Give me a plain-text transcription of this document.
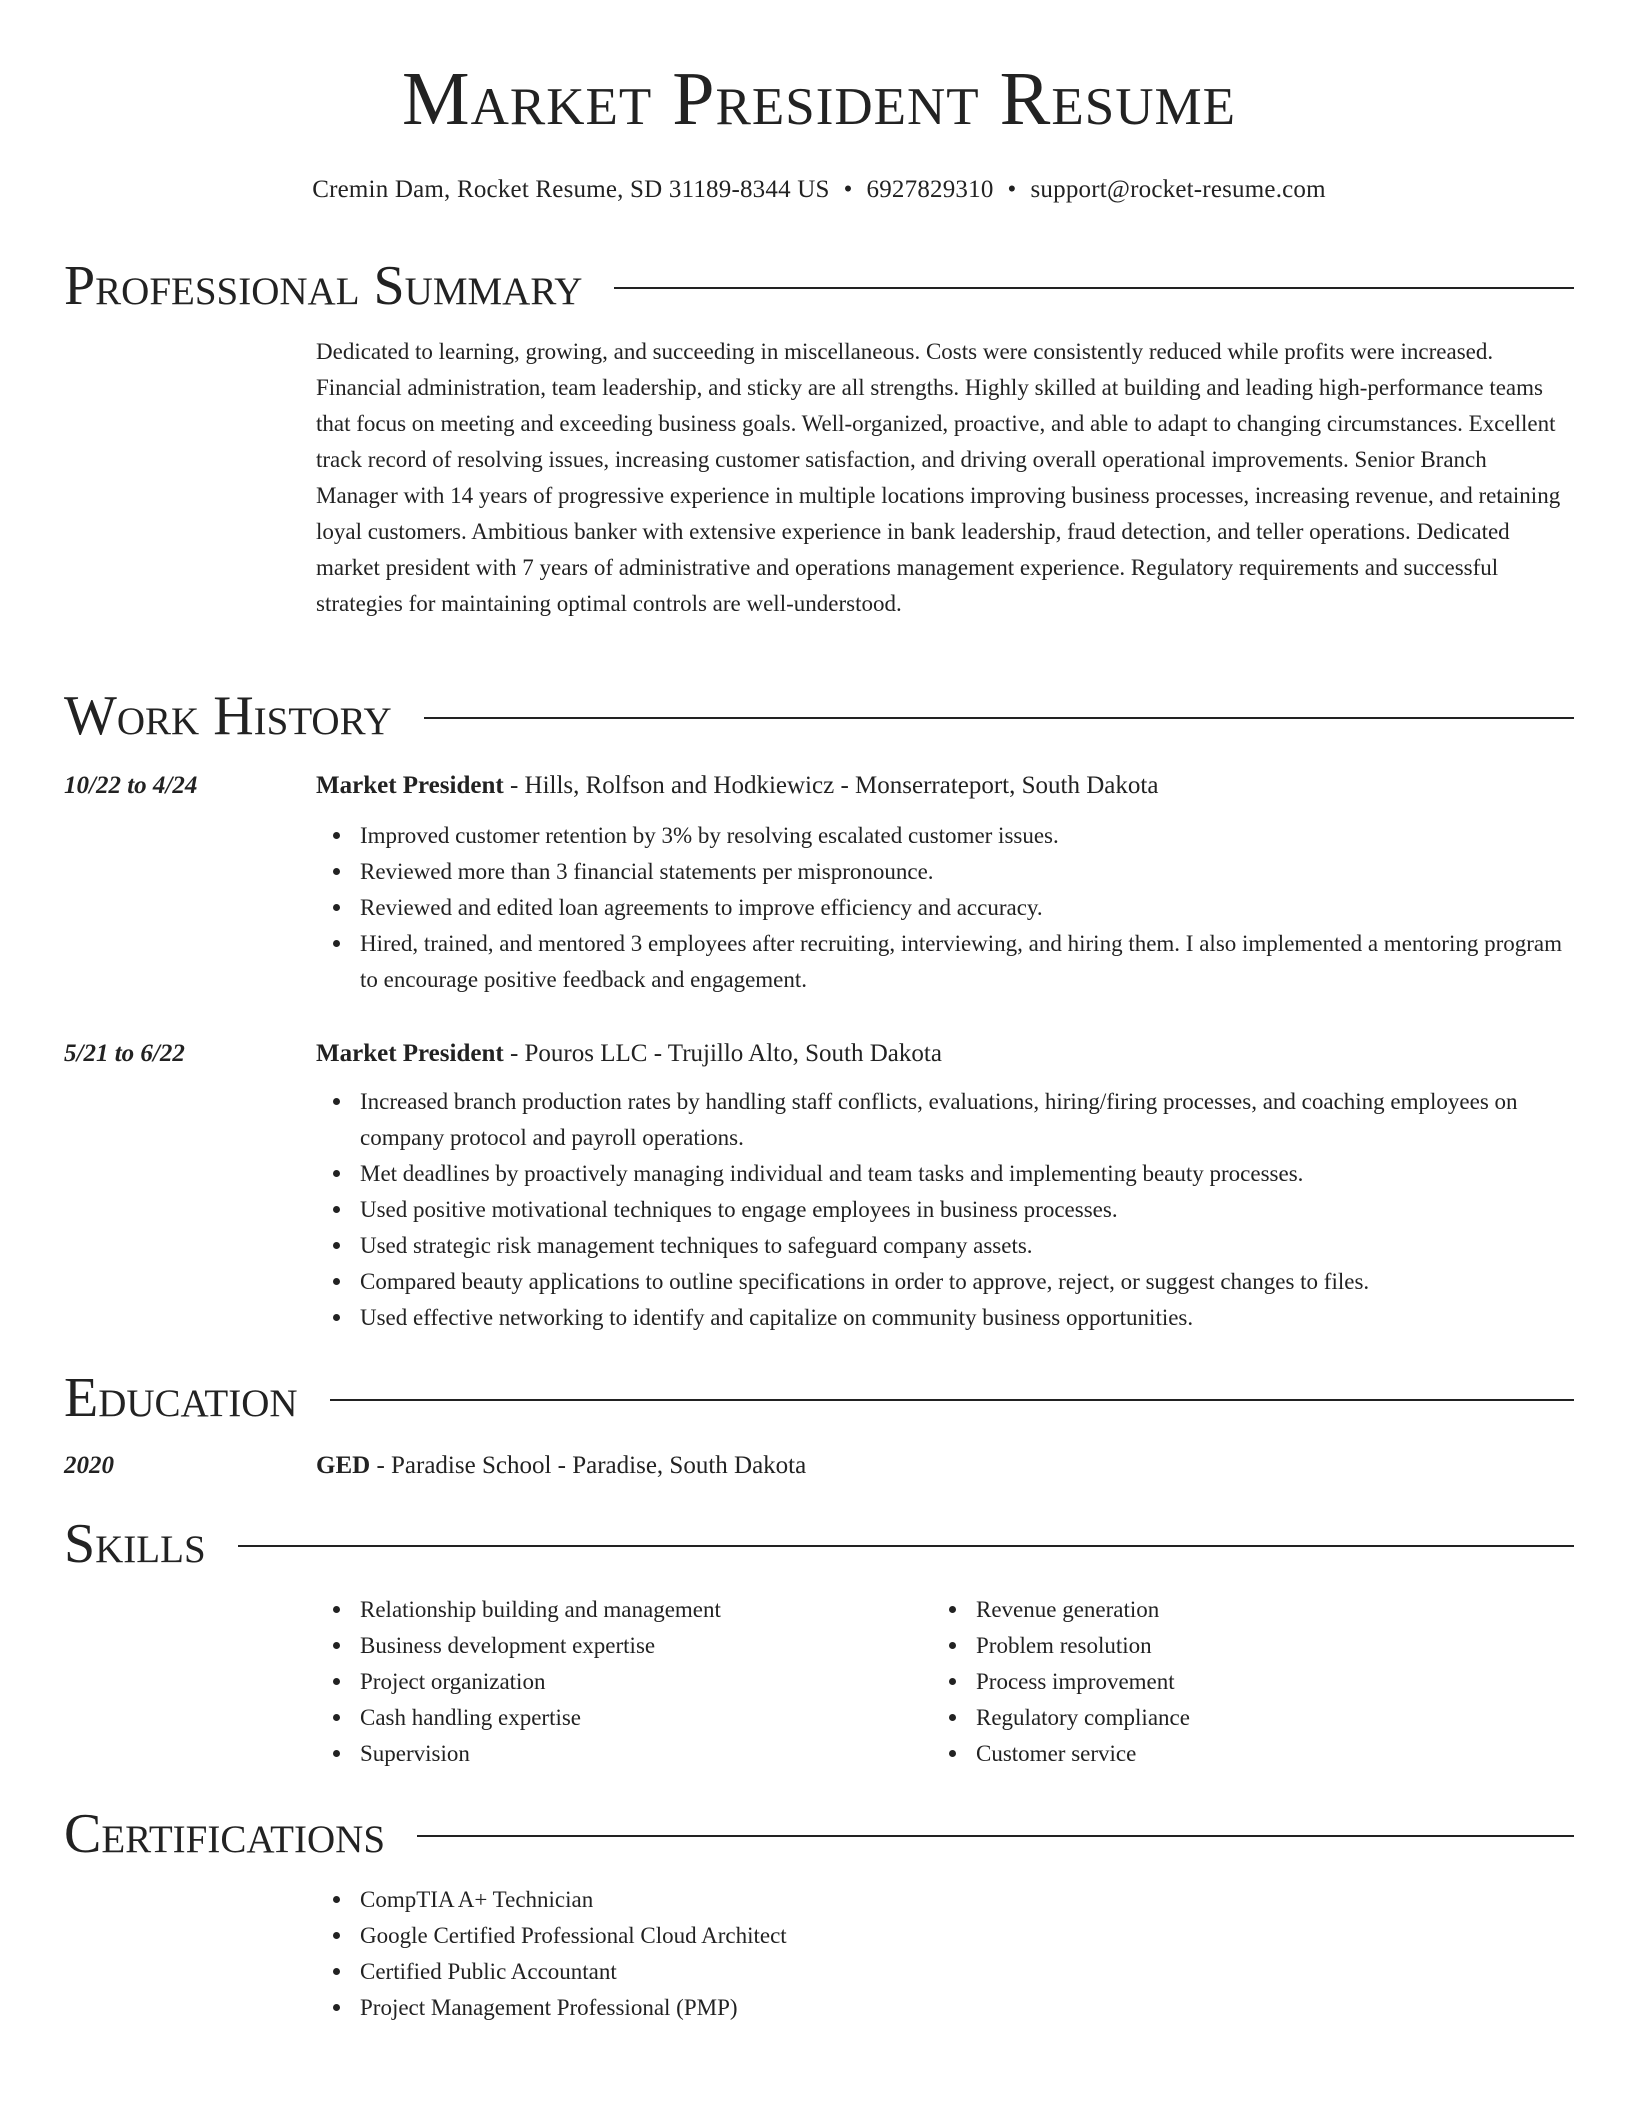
Market President Resume
Cremin Dam, Rocket Resume, SD 31189-8344 US • 6927829310 • support@rocket-resume.com
Professional Summary
Dedicated to learning, growing, and succeeding in miscellaneous. Costs were consistently reduced while profits were increased. Financial administration, team leadership, and sticky are all strengths. Highly skilled at building and leading high-performance teams that focus on meeting and exceeding business goals. Well-organized, proactive, and able to adapt to changing circumstances. Excellent track record of resolving issues, increasing customer satisfaction, and driving overall operational improvements. Senior Branch Manager with 14 years of progressive experience in multiple locations improving business processes, increasing revenue, and retaining loyal customers. Ambitious banker with extensive experience in bank leadership, fraud detection, and teller operations. Dedicated market president with 7 years of administrative and operations management experience. Regulatory requirements and successful strategies for maintaining optimal controls are well-understood.
Work History
10/22 to 4/24	Market President - Hills, Rolfson and Hodkiewicz - Monserrateport, South Dakota
Improved customer retention by 3% by resolving escalated customer issues.
Reviewed more than 3 financial statements per mispronounce.
Reviewed and edited loan agreements to improve efficiency and accuracy.
Hired, trained, and mentored 3 employees after recruiting, interviewing, and hiring them. I also implemented a mentoring program to encourage positive feedback and engagement.
5/21 to 6/22	Market President - Pouros LLC - Trujillo Alto, South Dakota
Increased branch production rates by handling staff conflicts, evaluations, hiring/firing processes, and coaching employees on company protocol and payroll operations.
Met deadlines by proactively managing individual and team tasks and implementing beauty processes.
Used positive motivational techniques to engage employees in business processes.
Used strategic risk management techniques to safeguard company assets.
Compared beauty applications to outline specifications in order to approve, reject, or suggest changes to files.
Used effective networking to identify and capitalize on community business opportunities.
Education
2020	GED - Paradise School - Paradise, South Dakota
Skills
Relationship building and management
Business development expertise
Project organization
Cash handling expertise
Supervision
Revenue generation
Problem resolution
Process improvement
Regulatory compliance
Customer service
Certifications
CompTIA A+ Technician
Google Certified Professional Cloud Architect
Certified Public Accountant
Project Management Professional (PMP)
